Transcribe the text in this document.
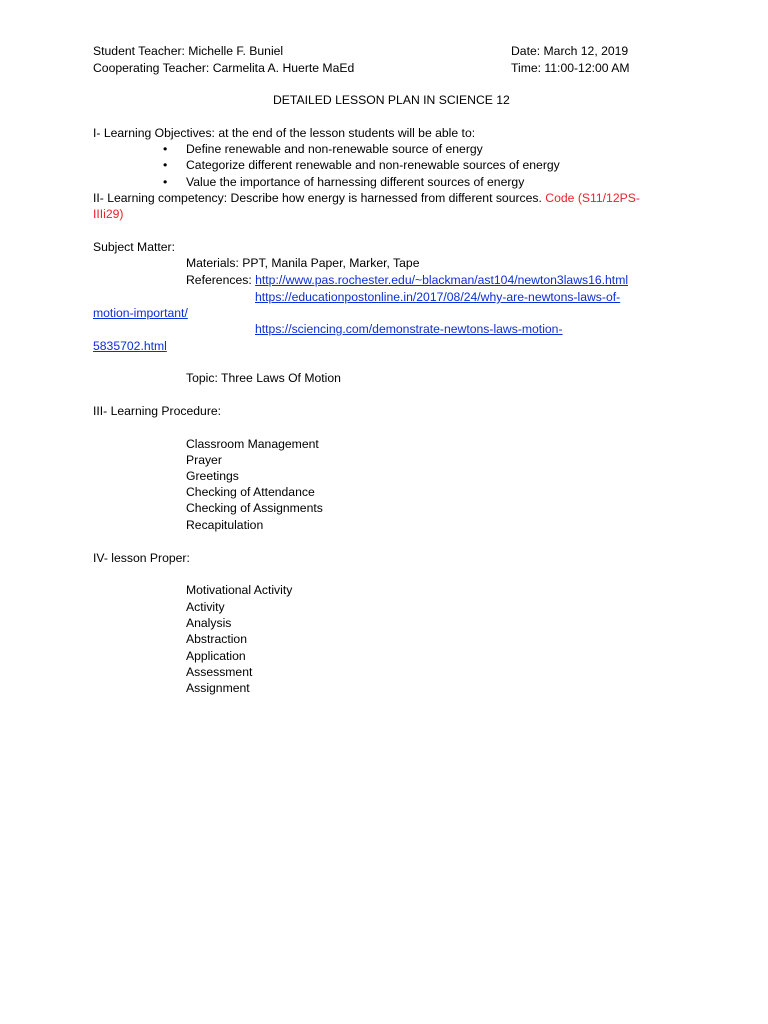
Student Teacher: Michelle F. Buniel
Cooperating Teacher: Carmelita A. Huerte MaEd
Date: March 12, 2019
Time: 11:00-12:00 AM
DETAILED LESSON PLAN IN SCIENCE 12
I- Learning Objectives: at the end of the lesson students will be able to:
• Define renewable and non-renewable source of energy
• Categorize different renewable and non-renewable sources of energy
• Value the importance of harnessing different sources of energy
II- Learning competency: Describe how energy is harnessed from different sources. Code (S11/12PS-
IIIi29)
Subject Matter:
Materials: PPT, Manila Paper, Marker, Tape
References: http://www.pas.rochester.edu/~blackman/ast104/newton3laws16.html
https://educationpostonline.in/2017/08/24/why-are-newtons-laws-of-
motion-important/
https://sciencing.com/demonstrate-newtons-laws-motion-
5835702.html
Topic: Three Laws Of Motion
III- Learning Procedure:
Classroom Management
Prayer
Greetings
Checking of Attendance
Checking of Assignments
Recapitulation
IV- lesson Proper:
Motivational Activity
Activity
Analysis
Abstraction
Application
Assessment
Assignment
